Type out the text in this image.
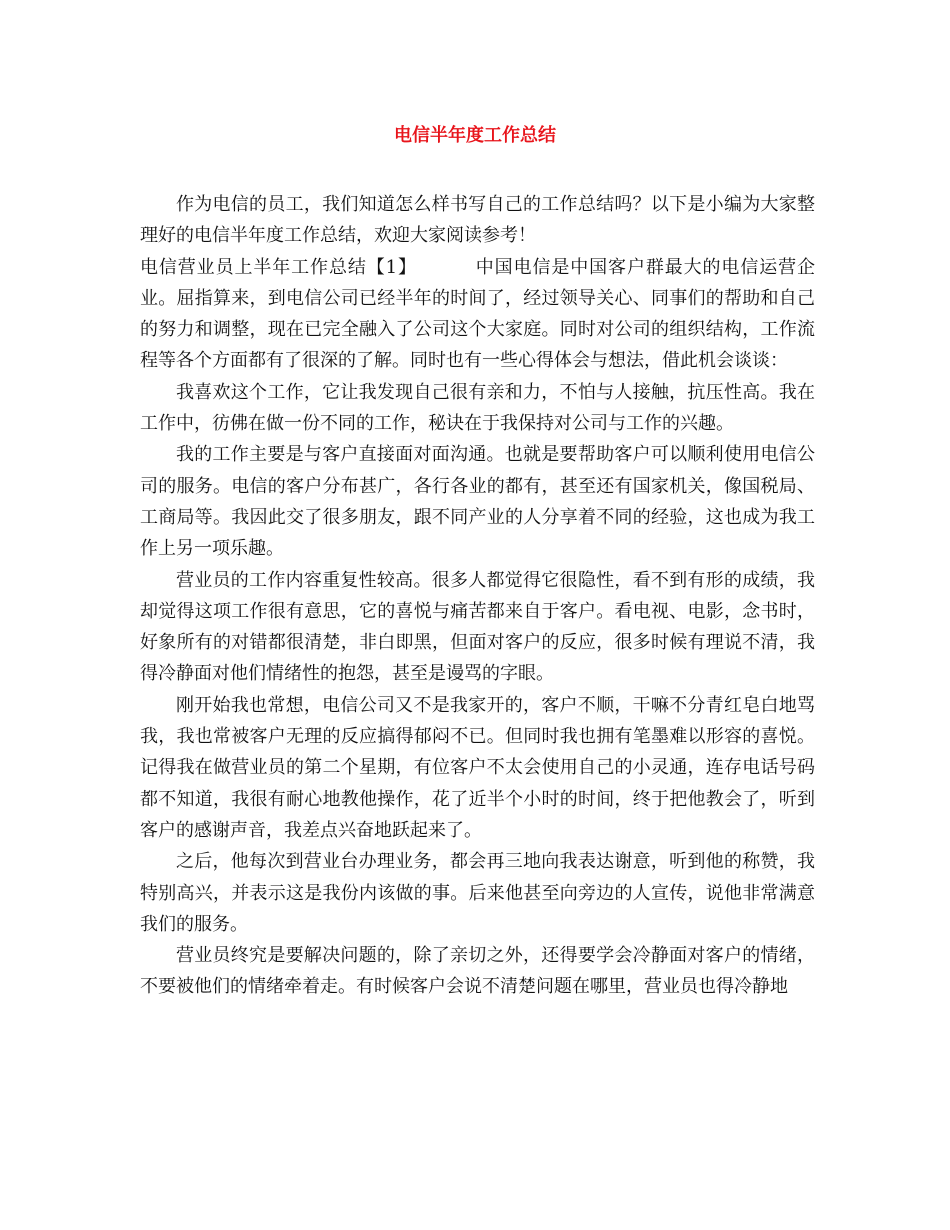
电信半年度工作总结

作为电信的员工，我们知道怎么样书写自己的工作总结吗？以下是小编为大家整理好的电信半年度工作总结，欢迎大家阅读参考！

电信营业员上半年工作总结【1】	中国电信是中国客户群最大的电信运营企业。屈指算来，到电信公司已经半年的时间了，经过领导关心、同事们的帮助和自己的努力和调整，现在已完全融入了公司这个大家庭。同时对公司的组织结构，工作流程等各个方面都有了很深的了解。同时也有一些心得体会与想法，借此机会谈谈：

我喜欢这个工作，它让我发现自己很有亲和力，不怕与人接触，抗压性高。我在工作中，彷佛在做一份不同的工作，秘诀在于我保持对公司与工作的兴趣。

我的工作主要是与客户直接面对面沟通。也就是要帮助客户可以顺利使用电信公司的服务。电信的客户分布甚广，各行各业的都有，甚至还有国家机关，像国税局、工商局等。我因此交了很多朋友，跟不同产业的人分享着不同的经验，这也成为我工作上另一项乐趣。

营业员的工作内容重复性较高。很多人都觉得它很隐性，看不到有形的成绩，我却觉得这项工作很有意思，它的喜悦与痛苦都来自于客户。看电视、电影，念书时，好象所有的对错都很清楚，非白即黑，但面对客户的反应，很多时候有理说不清，我得冷静面对他们情绪性的抱怨，甚至是谩骂的字眼。

刚开始我也常想，电信公司又不是我家开的，客户不顺，干嘛不分青红皂白地骂我，我也常被客户无理的反应搞得郁闷不已。但同时我也拥有笔墨难以形容的喜悦。记得我在做营业员的第二个星期，有位客户不太会使用自己的小灵通，连存电话号码都不知道，我很有耐心地教他操作，花了近半个小时的时间，终于把他教会了，听到客户的感谢声音，我差点兴奋地跃起来了。

之后，他每次到营业台办理业务，都会再三地向我表达谢意，听到他的称赞，我特别高兴，并表示这是我份内该做的事。后来他甚至向旁边的人宣传，说他非常满意我们的服务。

营业员终究是要解决问题的，除了亲切之外，还得要学会冷静面对客户的情绪，不要被他们的情绪牵着走。有时候客户会说不清楚问题在哪里，营业员也得冷静地
